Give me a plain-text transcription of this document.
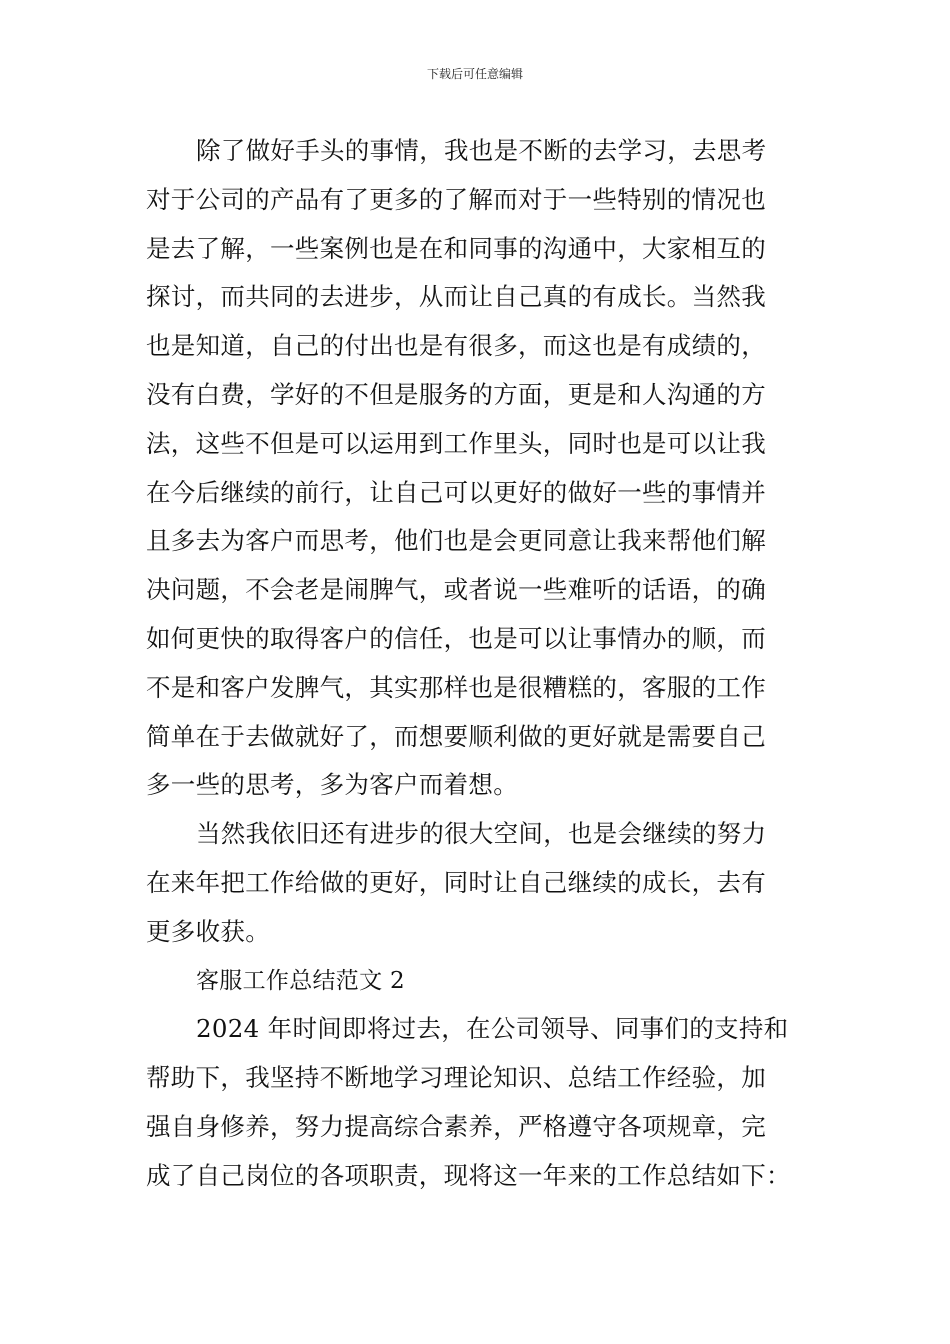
下载后可任意编辑
除了做好手头的事情，我也是不断的去学习，去思考
对于公司的产品有了更多的了解而对于一些特别的情况也
是去了解，一些案例也是在和同事的沟通中，大家相互的
探讨，而共同的去进步，从而让自己真的有成长。当然我
也是知道，自己的付出也是有很多，而这也是有成绩的，
没有白费，学好的不但是服务的方面，更是和人沟通的方
法，这些不但是可以运用到工作里头，同时也是可以让我
在今后继续的前行，让自己可以更好的做好一些的事情并
且多去为客户而思考，他们也是会更同意让我来帮他们解
决问题，不会老是闹脾气，或者说一些难听的话语，的确
如何更快的取得客户的信任，也是可以让事情办的顺，而
不是和客户发脾气，其实那样也是很糟糕的，客服的工作
简单在于去做就好了，而想要顺利做的更好就是需要自己
多一些的思考，多为客户而着想。
当然我依旧还有进步的很大空间，也是会继续的努力
在来年把工作给做的更好，同时让自己继续的成长，去有
更多收获。
客服工作总结范文 2
2024 年时间即将过去，在公司领导、同事们的支持和
帮助下，我坚持不断地学习理论知识、总结工作经验，加
强自身修养，努力提高综合素养，严格遵守各项规章，完
成了自己岗位的各项职责，现将这一年来的工作总结如下：
